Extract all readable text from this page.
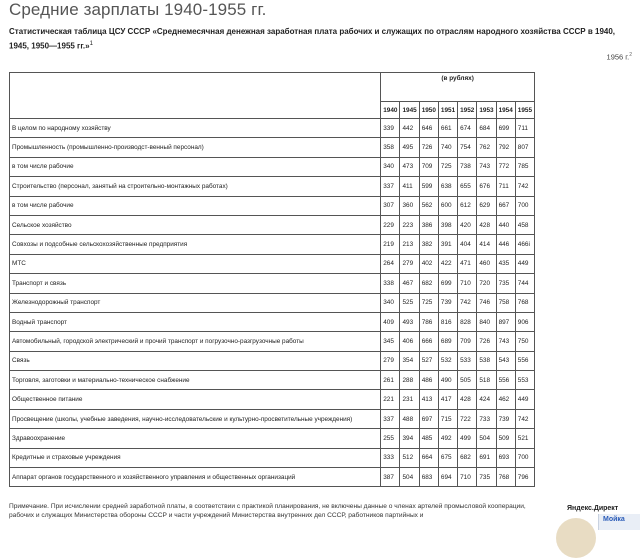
Средние зарплаты 1940-1955 гг.
Статистическая таблица ЦСУ СССР «Среднемесячная денежная заработная плата рабочих и служащих по отраслям народного хозяйства СССР в 1940, 1945, 1950—1955 гг.»$^1$
1956 г.$^2$
	(в рублях)							
	1940	1945	1950	1951	1952	1953	1954	1955
В целом по народному хозяйству	339	442	646	661	674	684	699	711
Промышленность (промышленно-производст-венный персонал)	358	495	726	740	754	762	792	807
в том числе рабочие	340	473	709	725	738	743	772	785
Строительство (персонал, занятый на строительно-монтажных работах)	337	411	599	638	655	676	711	742
в том числе рабочие	307	360	562	600	612	629	667	700
Сельское хозяйство	229	223	386	398	420	428	440	458
Совхозы и подсобные сельскохозяйственные предприятия	219	213	382	391	404	414	446	466i
МТС	264	279	402	422	471	460	435	449
Транспорт и связь	338	467	682	699	710	720	735	744
Железнодорожный транспорт	340	525	725	739	742	746	758	768
Водный транспорт	409	493	786	816	828	840	897	906
Автомобильный, городской электрический и прочий транспорт и погрузочно-разгрузочные работы	345	406	666	689	709	726	743	750
Связь	279	354	527	532	533	538	543	556
Торговля, заготовки и материально-техническое снабжение	261	288	486	490	505	518	556	553
Общественное питание	221	231	413	417	428	424	462	449
Просвещение (школы, учебные заведения, научно-исследовательские и культурно-просветительные учреждения)	337	488	697	715	722	733	739	742
Здравоохранение	255	394	485	492	499	504	509	521
Кредитные и страховые учреждения	333	512	664	675	682	691	693	700
Аппарат органов государственного и хозяйственного управления и общественных организаций	387	504	683	694	710	735	768	796
Примечание. При исчислении средней заработной платы, в соответствии с практикой планирования, не включены данные о членах артелей промысловой кооперации, рабочих и служащих Министерства обороны СССР и части учреждений Министерства внутренних дел СССР, работников партийных и
Яндекс.Директ
Мойка
